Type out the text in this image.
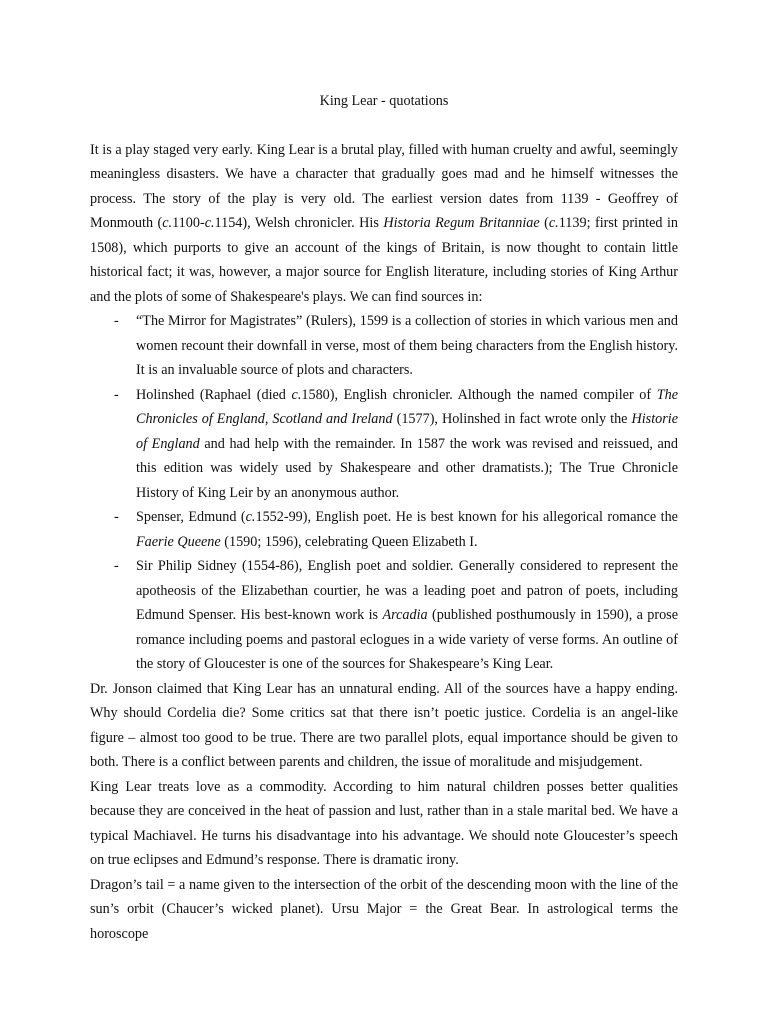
King Lear - quotations

It is a play staged very early. King Lear is a brutal play, filled with human cruelty and awful, seemingly meaningless disasters. We have a character that gradually goes mad and he himself witnesses the process. The story of the play is very old. The earliest version dates from 1139 - Geoffrey of Monmouth (c.1100-c.1154), Welsh chronicler. His Historia Regum Britanniae (c.1139; first printed in 1508), which purports to give an account of the kings of Britain, is now thought to contain little historical fact; it was, however, a major source for English literature, including stories of King Arthur and the plots of some of Shakespeare's plays. We can find sources in:

- “The Mirror for Magistrates” (Rulers), 1599 is a collection of stories in which various men and women recount their downfall in verse, most of them being characters from the English history. It is an invaluable source of plots and characters.
- Holinshed (Raphael (died c.1580), English chronicler. Although the named compiler of The Chronicles of England, Scotland and Ireland (1577), Holinshed in fact wrote only the Historie of England and had help with the remainder. In 1587 the work was revised and reissued, and this edition was widely used by Shakespeare and other dramatists.); The True Chronicle History of King Leir by an anonymous author.
- Spenser, Edmund (c.1552-99), English poet. He is best known for his allegorical romance the Faerie Queene (1590; 1596), celebrating Queen Elizabeth I.
- Sir Philip Sidney (1554-86), English poet and soldier. Generally considered to represent the apotheosis of the Elizabethan courtier, he was a leading poet and patron of poets, including Edmund Spenser. His best-known work is Arcadia (published posthumously in 1590), a prose romance including poems and pastoral eclogues in a wide variety of verse forms. An outline of the story of Gloucester is one of the sources for Shakespeare’s King Lear.

Dr. Jonson claimed that King Lear has an unnatural ending. All of the sources have a happy ending. Why should Cordelia die? Some critics sat that there isn’t poetic justice. Cordelia is an angel-like figure – almost too good to be true. There are two parallel plots, equal importance should be given to both. There is a conflict between parents and children, the issue of moralitude and misjudgement.

King Lear treats love as a commodity. According to him natural children posses better qualities because they are conceived in the heat of passion and lust, rather than in a stale marital bed. We have a typical Machiavel. He turns his disadvantage into his advantage. We should note Gloucester’s speech on true eclipses and Edmund’s response. There is dramatic irony.

Dragon’s tail = a name given to the intersection of the orbit of the descending moon with the line of the sun’s orbit (Chaucer’s wicked planet). Ursu Major = the Great Bear. In astrological terms the horoscope
